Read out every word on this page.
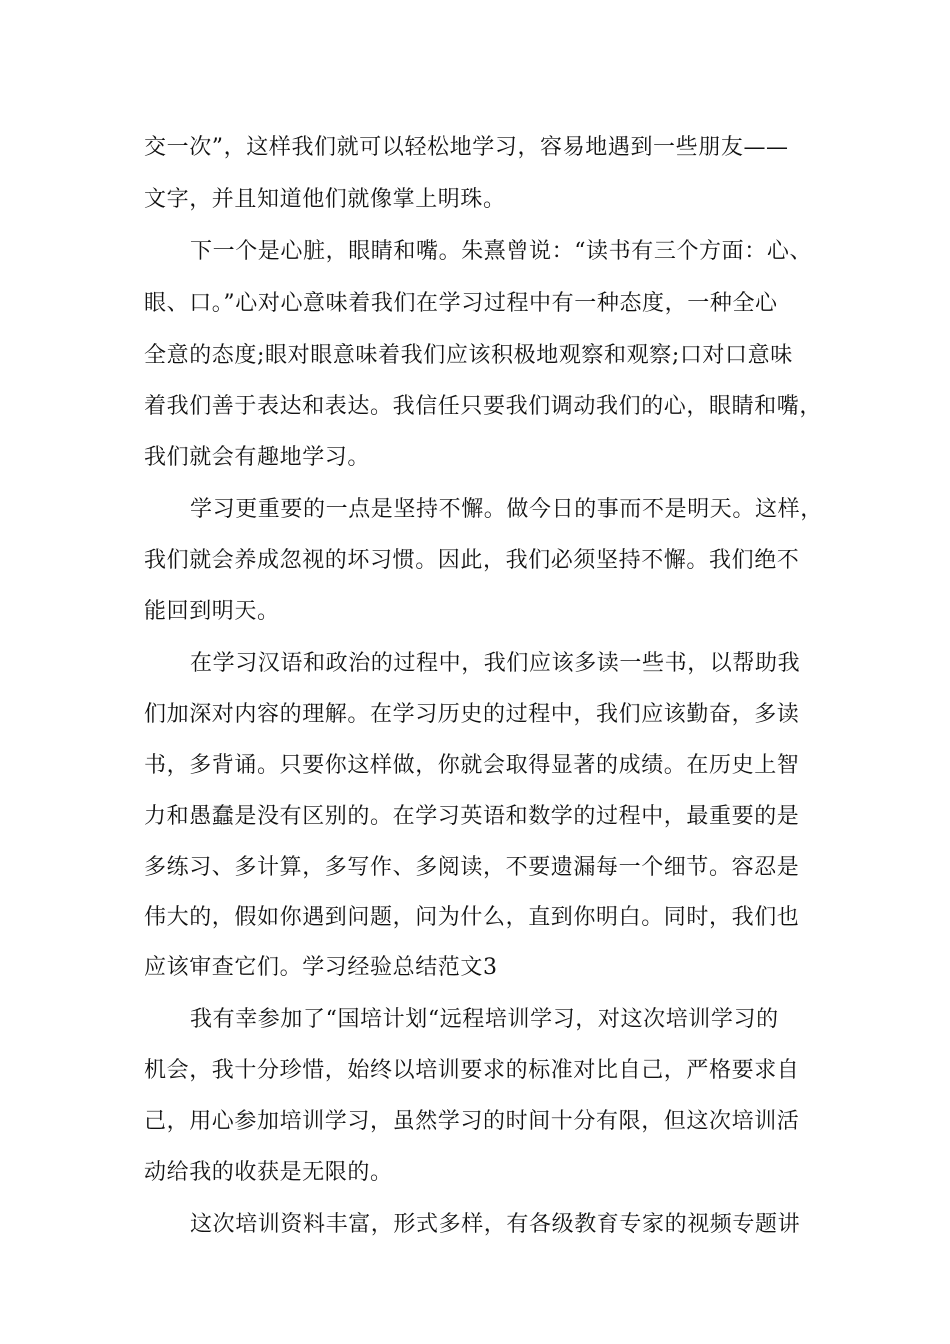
交一次”，这样我们就可以轻松地学习，容易地遇到一些朋友——
文字，并且知道他们就像掌上明珠。
下一个是心脏，眼睛和嘴。朱熹曾说：“读书有三个方面：心、
眼、口。”心对心意味着我们在学习过程中有一种态度，一种全心
全意的态度;眼对眼意味着我们应该积极地观察和观察;口对口意味
着我们善于表达和表达。我信任只要我们调动我们的心，眼睛和嘴，
我们就会有趣地学习。
学习更重要的一点是坚持不懈。做今日的事而不是明天。这样，
我们就会养成忽视的坏习惯。因此，我们必须坚持不懈。我们绝不
能回到明天。
在学习汉语和政治的过程中，我们应该多读一些书，以帮助我
们加深对内容的理解。在学习历史的过程中，我们应该勤奋，多读
书，多背诵。只要你这样做，你就会取得显著的成绩。在历史上智
力和愚蠢是没有区别的。在学习英语和数学的过程中，最重要的是
多练习、多计算，多写作、多阅读，不要遗漏每一个细节。容忍是
伟大的，假如你遇到问题，问为什么，直到你明白。同时，我们也
应该审查它们。学习经验总结范文3
我有幸参加了“国培计划“远程培训学习，对这次培训学习的
机会，我十分珍惜，始终以培训要求的标准对比自己，严格要求自
己，用心参加培训学习，虽然学习的时间十分有限，但这次培训活
动给我的收获是无限的。
这次培训资料丰富，形式多样，有各级教育专家的视频专题讲
